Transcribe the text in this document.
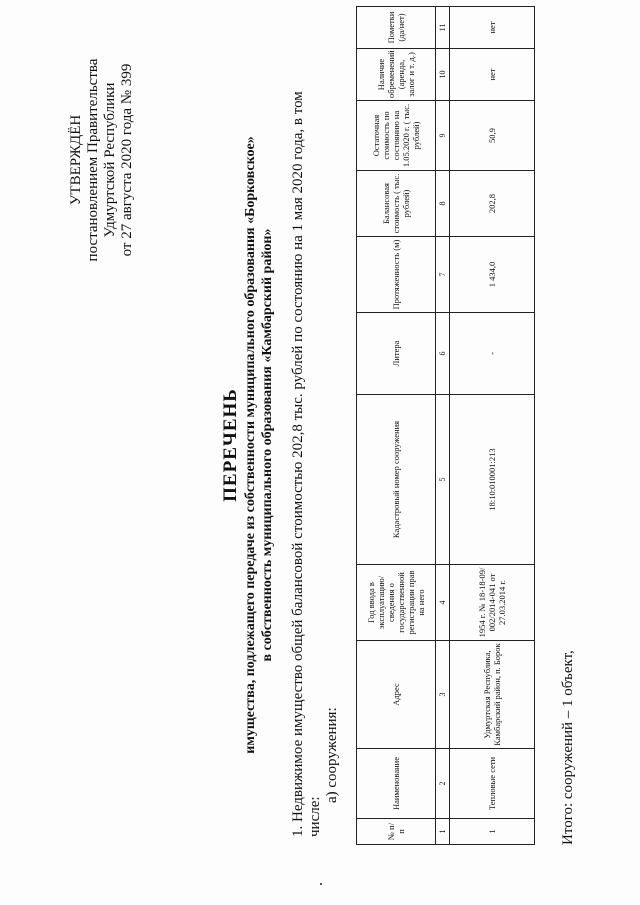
УТВЕРЖДЁН постановлением Правительства Удмуртской Республики от 27 августа 2020 года № 399
ПЕРЕЧЕНЬ имущества, подлежащего передаче из собственности муниципального образования «Борковское» в собственность муниципального образования «Камбарский район» 1. Недвижимое имущество общей балансовой стоимостью 202,8 тыс. рублей по состоянию на 1 мая 2020 года, в том числе:
а) сооружения:
№ п/п	Наименование	Адрес	Год ввода в эксплуатацию/ сведения о государственной регистрации прав на него	Кадастровый номер сооружения	Литера	Протяженность (м)	Балансовая стоимость ( тыс. рублей)	Остаточная стоимость по состоянию на 1.05.2020 г. ( тыс. рублей)	Наличие обременений (аренда, залог и т. д.)	Пометки (да/нет)
1	2	3	4	5	6	7	8	9	10	11
1	Тепловые сети	Удмуртская Республика, Камбарский район, п. Борок	1954 г. № 18-18-09/ 002/2014-041 от 27.03.2014 г.	18:10:010001:213	-	1 434,0	202,8	50,9	нет	нет
Итого: сооружений – 1 объект,
